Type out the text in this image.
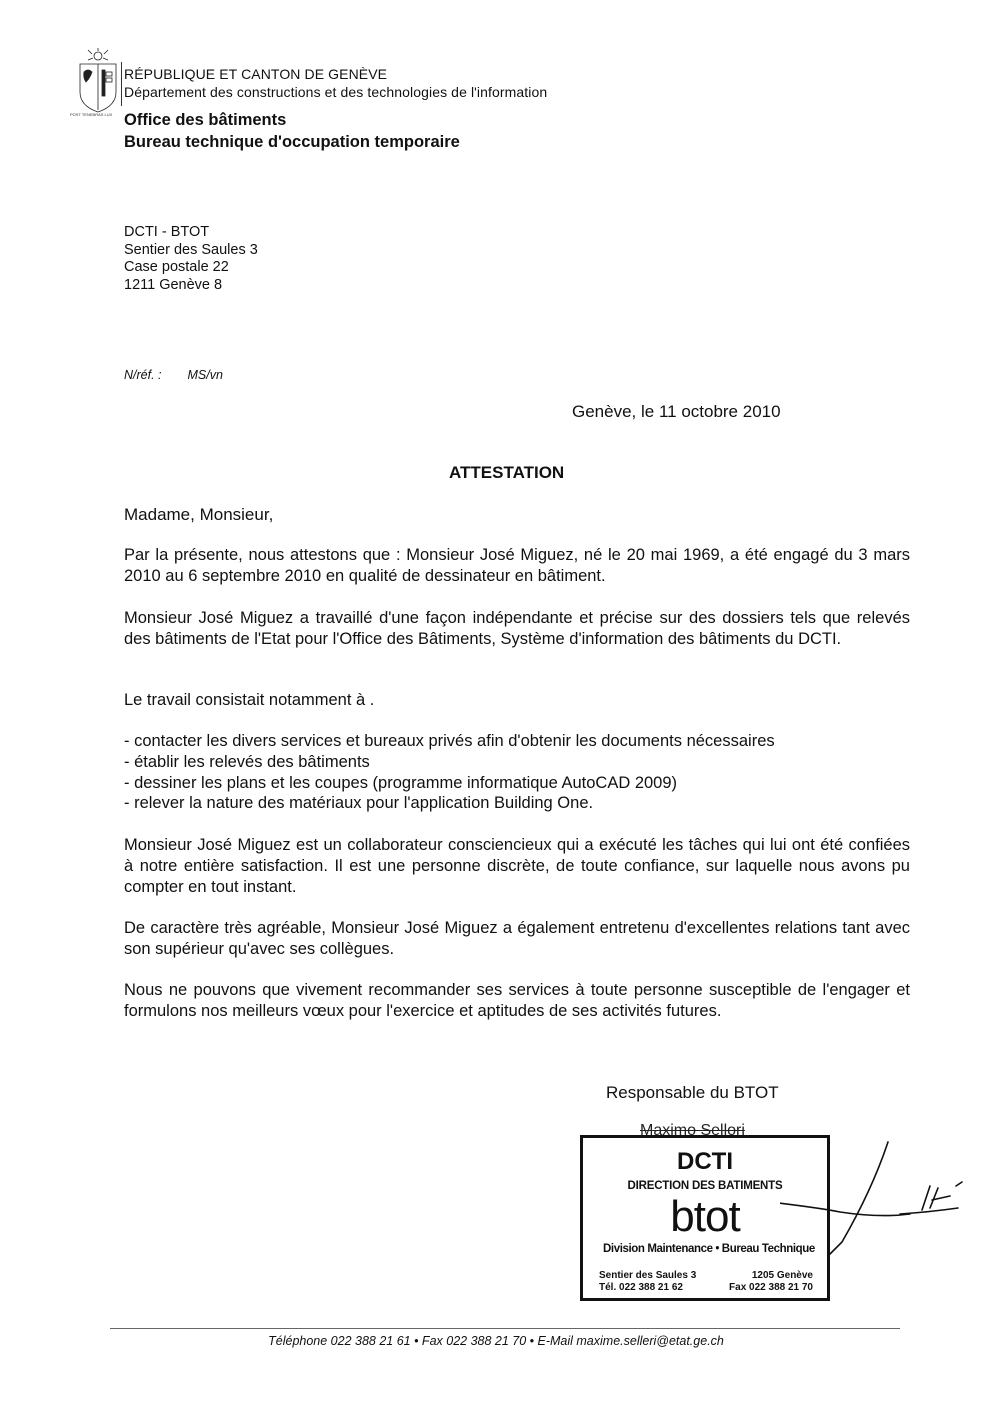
POST TENEBRAS LUX
RÉPUBLIQUE ET CANTON DE GENÈVE
Département des constructions et des technologies de l'information
Office des bâtiments
Bureau technique d'occupation temporaire
DCTI - BTOT
Sentier des Saules 3
Case postale 22
1211 Genève 8
N/réf. : MS/vn
Genève, le 11 octobre 2010
ATTESTATION
Madame, Monsieur,
Par la présente, nous attestons que : Monsieur José Miguez, né le 20 mai 1969, a été engagé du 3 mars 2010 au 6 septembre 2010 en qualité de dessinateur en bâtiment.
Monsieur José Miguez a travaillé d'une façon indépendante et précise sur des dossiers tels que relevés des bâtiments de l'Etat pour l'Office des Bâtiments, Système d'information des bâtiments du DCTI.
Le travail consistait notamment à .
- contacter les divers services et bureaux privés afin d'obtenir les documents nécessaires
- établir les relevés des bâtiments
- dessiner les plans et les coupes (programme informatique AutoCAD 2009)
- relever la nature des matériaux pour l'application Building One.
Monsieur José Miguez est un collaborateur consciencieux qui a exécuté les tâches qui lui ont été confiées à notre entière satisfaction. Il est une personne discrète, de toute confiance, sur laquelle nous avons pu compter en tout instant.
De caractère très agréable, Monsieur José Miguez a également entretenu d'excellentes relations tant avec son supérieur qu'avec ses collègues.
Nous ne pouvons que vivement recommander ses services à toute personne susceptible de l'engager et formulons nos meilleurs vœux pour l'exercice et aptitudes de ses activités futures.
Responsable du BTOT
Maximo Sellori
DCTI
DIRECTION DES BATIMENTS
btot
Division Maintenance • Bureau Technique
Sentier des Saules 3
Tél. 022 388 21 62
1205 Genève
Fax 022 388 21 70
Téléphone 022 388 21 61 • Fax 022 388 21 70 • E-Mail maxime.selleri@etat.ge.ch
